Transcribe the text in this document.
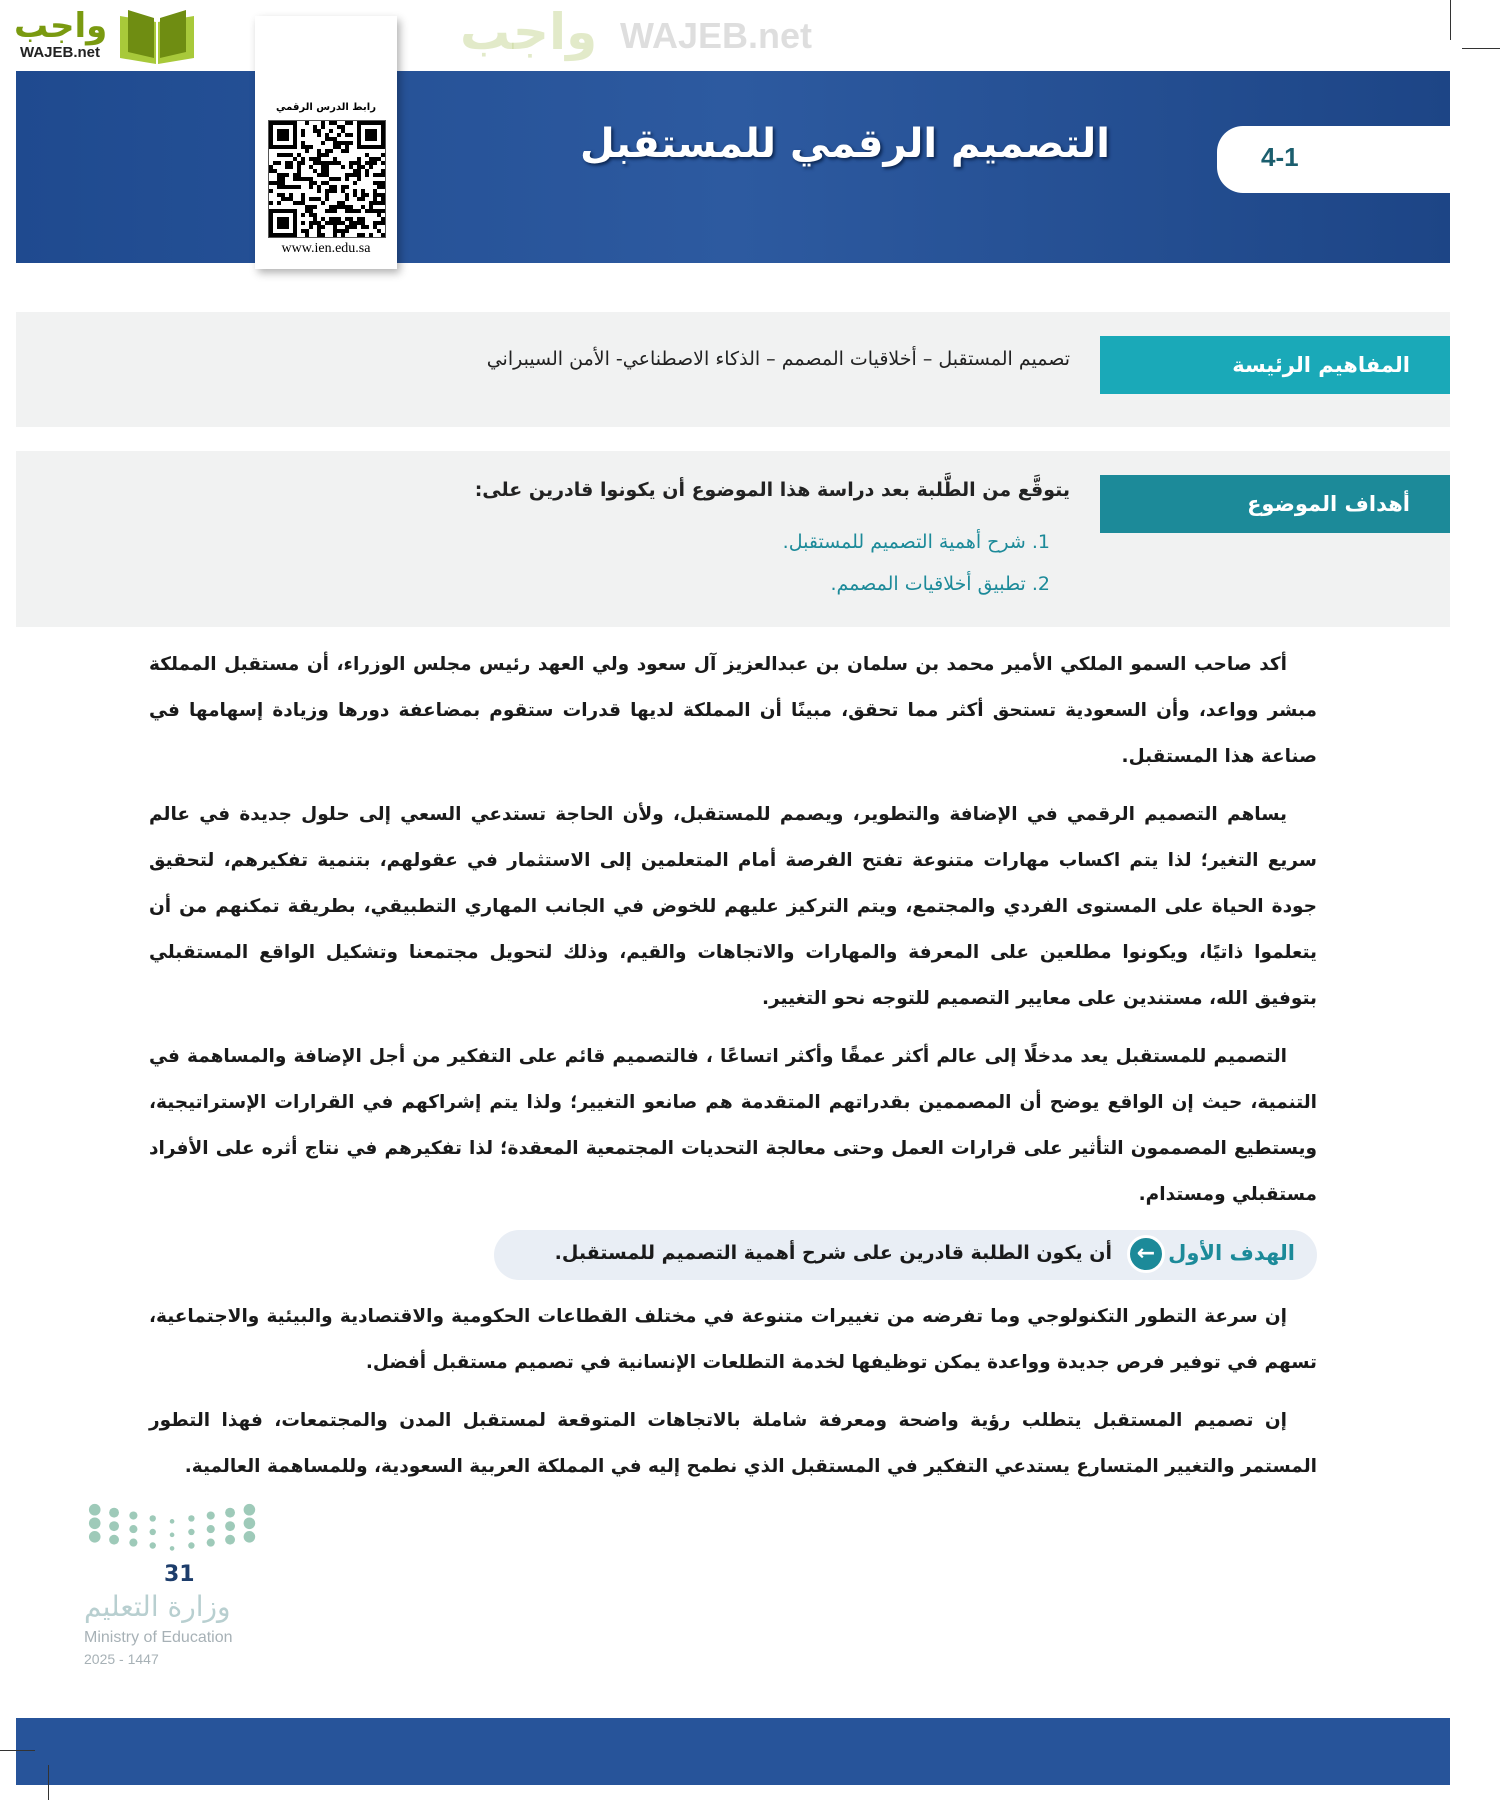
واجب
WAJEB.net	واجب WAJEB.net
التصميم الرقمي للمستقبل	4-1
رابط الدرس الرقمي
www.ien.edu.sa
المفاهيم الرئيسة
تصميم المستقبل – أخلاقيات المصمم – الذكاء الاصطناعي- الأمن السيبراني
أهداف الموضوع
يتوقَّع من الطَّلبة بعد دراسة هذا الموضوع أن يكونوا قادرين على:
1. شرح أهمية التصميم للمستقبل.
2. تطبيق أخلاقيات المصمم.

أكد صاحب السمو الملكي الأمير محمد بن سلمان بن عبدالعزيز آل سعود ولي العهد رئيس مجلس الوزراء، أن مستقبل المملكة مبشر وواعد، وأن السعودية تستحق أكثر مما تحقق، مبينًا أن المملكة لديها قدرات ستقوم بمضاعفة دورها وزيادة إسهامها في صناعة هذا المستقبل.

يساهم التصميم الرقمي في الإضافة والتطوير، ويصمم للمستقبل، ولأن الحاجة تستدعي السعي إلى حلول جديدة في عالم سريع التغير؛ لذا يتم اكساب مهارات متنوعة تفتح الفرصة أمام المتعلمين إلى الاستثمار في عقولهم، بتنمية تفكيرهم، لتحقيق جودة الحياة على المستوى الفردي والمجتمع، ويتم التركيز عليهم للخوض في الجانب المهاري التطبيقي، بطريقة تمكنهم من أن يتعلموا ذاتيًا، ويكونوا مطلعين على المعرفة والمهارات والاتجاهات والقيم، وذلك لتحويل مجتمعنا وتشكيل الواقع المستقبلي بتوفيق الله، مستندين على معايير التصميم للتوجه نحو التغيير.

التصميم للمستقبل يعد مدخلًا إلى عالم أكثر عمقًا وأكثر اتساعًا ، فالتصميم قائم على التفكير من أجل الإضافة والمساهمة في التنمية، حيث إن الواقع يوضح أن المصممين بقدراتهم المتقدمة هم صانعو التغيير؛ ولذا يتم إشراكهم في القرارات الإستراتيجية، ويستطيع المصممون التأثير على قرارات العمل وحتى معالجة التحديات المجتمعية المعقدة؛ لذا تفكيرهم في نتاج أثره على الأفراد مستقبلي ومستدام.

الهدف الأول
←
أن يكون الطلبة قادرين على شرح أهمية التصميم للمستقبل.

إن سرعة التطور التكنولوجي وما تفرضه من تغييرات متنوعة في مختلف القطاعات الحكومية والاقتصادية والبيئية والاجتماعية، تسهم في توفير فرص جديدة وواعدة يمكن توظيفها لخدمة التطلعات الإنسانية في تصميم مستقبل أفضل.

إن تصميم المستقبل يتطلب رؤية واضحة ومعرفة شاملة بالاتجاهات المتوقعة لمستقبل المدن والمجتمعات، فهذا التطور المستمر والتغيير المتسارع يستدعي التفكير في المستقبل الذي نطمح إليه في المملكة العربية السعودية، وللمساهمة العالمية.

31
وزارة التعليم
Ministry of Education
2025 - 1447
